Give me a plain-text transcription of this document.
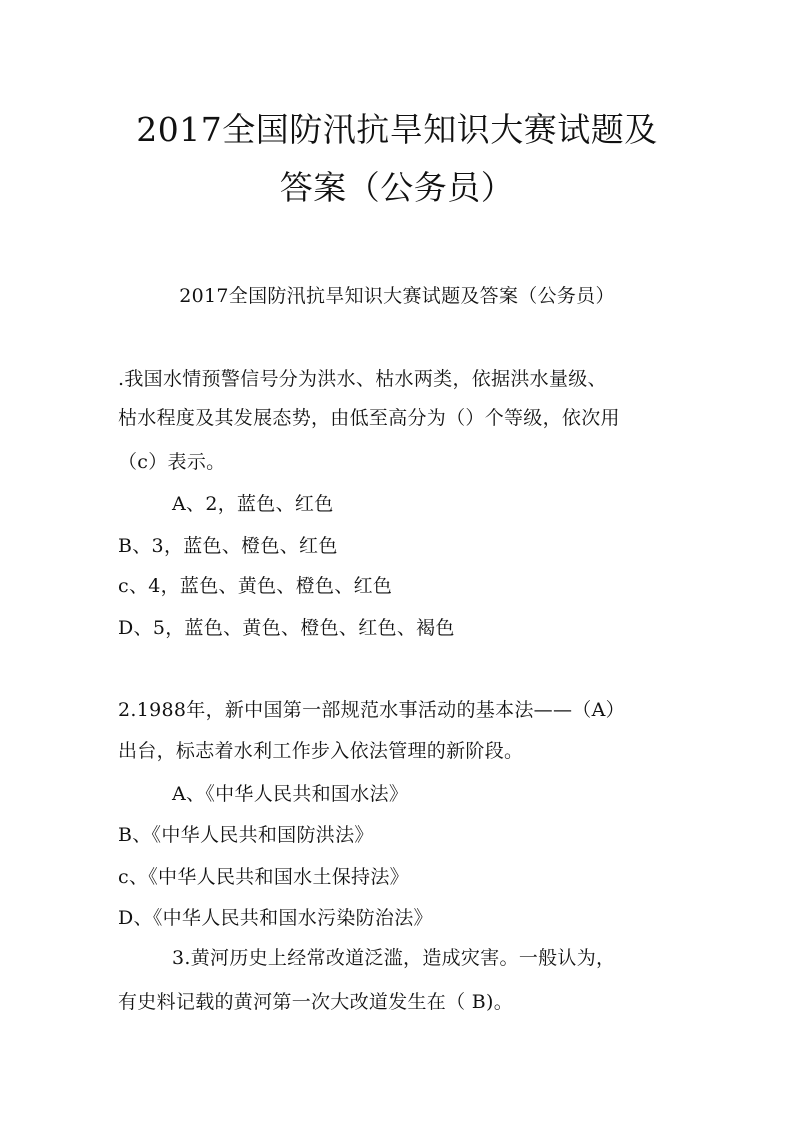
2017全国防汛抗旱知识大赛试题及
答案（公务员）
2017全国防汛抗旱知识大赛试题及答案（公务员）
.我国水情预警信号分为洪水、枯水两类，依据洪水量级、
枯水程度及其发展态势，由低至高分为（）个等级，依次用
（c）表示。
A、2，蓝色、红色
B、3，蓝色、橙色、红色
c、4，蓝色、黄色、橙色、红色
D、5，蓝色、黄色、橙色、红色、褐色
2.1988年，新中国第一部规范水事活动的基本法——（A）
出台，标志着水利工作步入依法管理的新阶段。
A、《中华人民共和国水法》
B、《中华人民共和国防洪法》
c、《中华人民共和国水土保持法》
D、《中华人民共和国水污染防治法》
3.黄河历史上经常改道泛滥，造成灾害。一般认为，
有史料记载的黄河第一次大改道发生在（ B)。
